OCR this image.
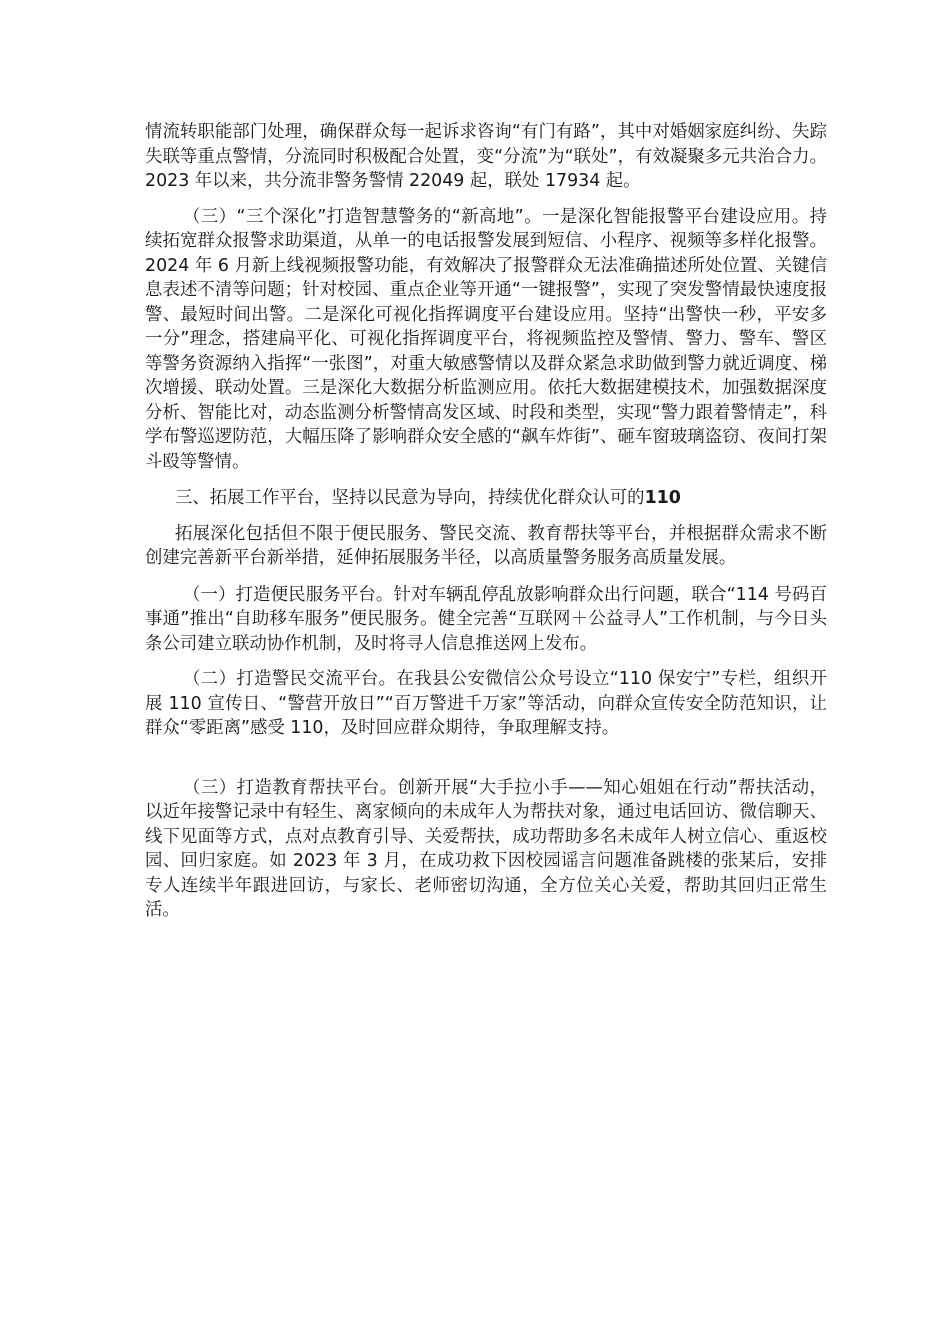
情流转职能部门处理，确保群众每一起诉求咨询“有门有路”，其中对婚姻家庭纠纷、失踪失联等重点警情，分流同时积极配合处置，变“分流”为“联处”，有效凝聚多元共治合力。2023 年以来，共分流非警务警情 22049 起，联处 17934 起。

（三）“三个深化”打造智慧警务的“新高地”。一是深化智能报警平台建设应用。持续拓宽群众报警求助渠道，从单一的电话报警发展到短信、小程序、视频等多样化报警。2024 年 6 月新上线视频报警功能，有效解决了报警群众无法准确描述所处位置、关键信息表述不清等问题；针对校园、重点企业等开通“一键报警”，实现了突发警情最快速度报警、最短时间出警。二是深化可视化指挥调度平台建设应用。坚持“出警快一秒，平安多一分”理念，搭建扁平化、可视化指挥调度平台，将视频监控及警情、警力、警车、警区等警务资源纳入指挥“一张图”，对重大敏感警情以及群众紧急求助做到警力就近调度、梯次增援、联动处置。三是深化大数据分析监测应用。依托大数据建模技术，加强数据深度分析、智能比对，动态监测分析警情高发区域、时段和类型，实现“警力跟着警情走”，科学布警巡逻防范，大幅压降了影响群众安全感的“飙车炸街”、砸车窗玻璃盗窃、夜间打架斗殴等警情。

三、拓展工作平台，坚持以民意为导向，持续优化群众认可的110

拓展深化包括但不限于便民服务、警民交流、教育帮扶等平台，并根据群众需求不断创建完善新平台新举措，延伸拓展服务半径，以高质量警务服务高质量发展。

（一）打造便民服务平台。针对车辆乱停乱放影响群众出行问题，联合“114 号码百事通”推出“自助移车服务”便民服务。健全完善“互联网＋公益寻人”工作机制，与今日头条公司建立联动协作机制，及时将寻人信息推送网上发布。

（二）打造警民交流平台。在我县公安微信公众号设立“110 保安宁”专栏，组织开展 110 宣传日、“警营开放日”“百万警进千万家”等活动，向群众宣传安全防范知识，让群众“零距离”感受 110，及时回应群众期待，争取理解支持。

（三）打造教育帮扶平台。创新开展“大手拉小手——知心姐姐在行动”帮扶活动，以近年接警记录中有轻生、离家倾向的未成年人为帮扶对象，通过电话回访、微信聊天、线下见面等方式，点对点教育引导、关爱帮扶，成功帮助多名未成年人树立信心、重返校园、回归家庭。如 2023 年 3 月，在成功救下因校园谣言问题准备跳楼的张某后，安排专人连续半年跟进回访，与家长、老师密切沟通，全方位关心关爱，帮助其回归正常生活。
